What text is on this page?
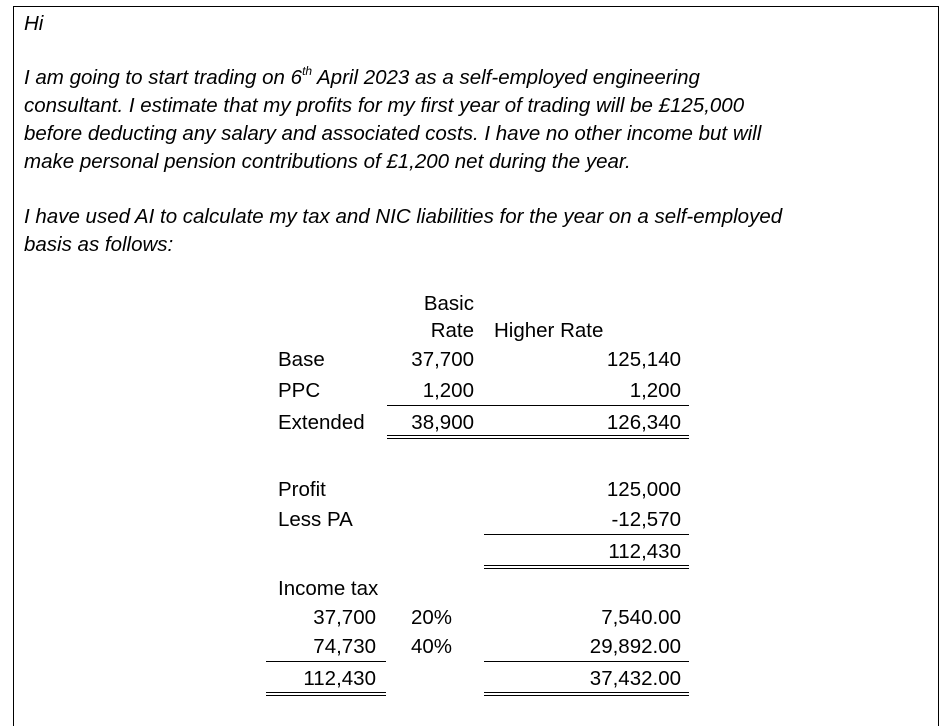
Hi
I am going to start trading on 6th April 2023 as a self-employed engineering
consultant. I estimate that my profits for my first year of trading will be £125,000
before deducting any salary and associated costs. I have no other income but will
make personal pension contributions of £1,200 net during the year.
I have used AI to calculate my tax and NIC liabilities for the year on a self-employed
basis as follows:
Basic
Rate Higher Rate
Base	37,700	125,140
PPC	1,200	1,200
Extended	38,900	126,340
Profit	125,000
Less PA	-12,570
112,430
Income tax
37,700 20%	7,540.00
74,730 40%	29,892.00
112,430	37,432.00
